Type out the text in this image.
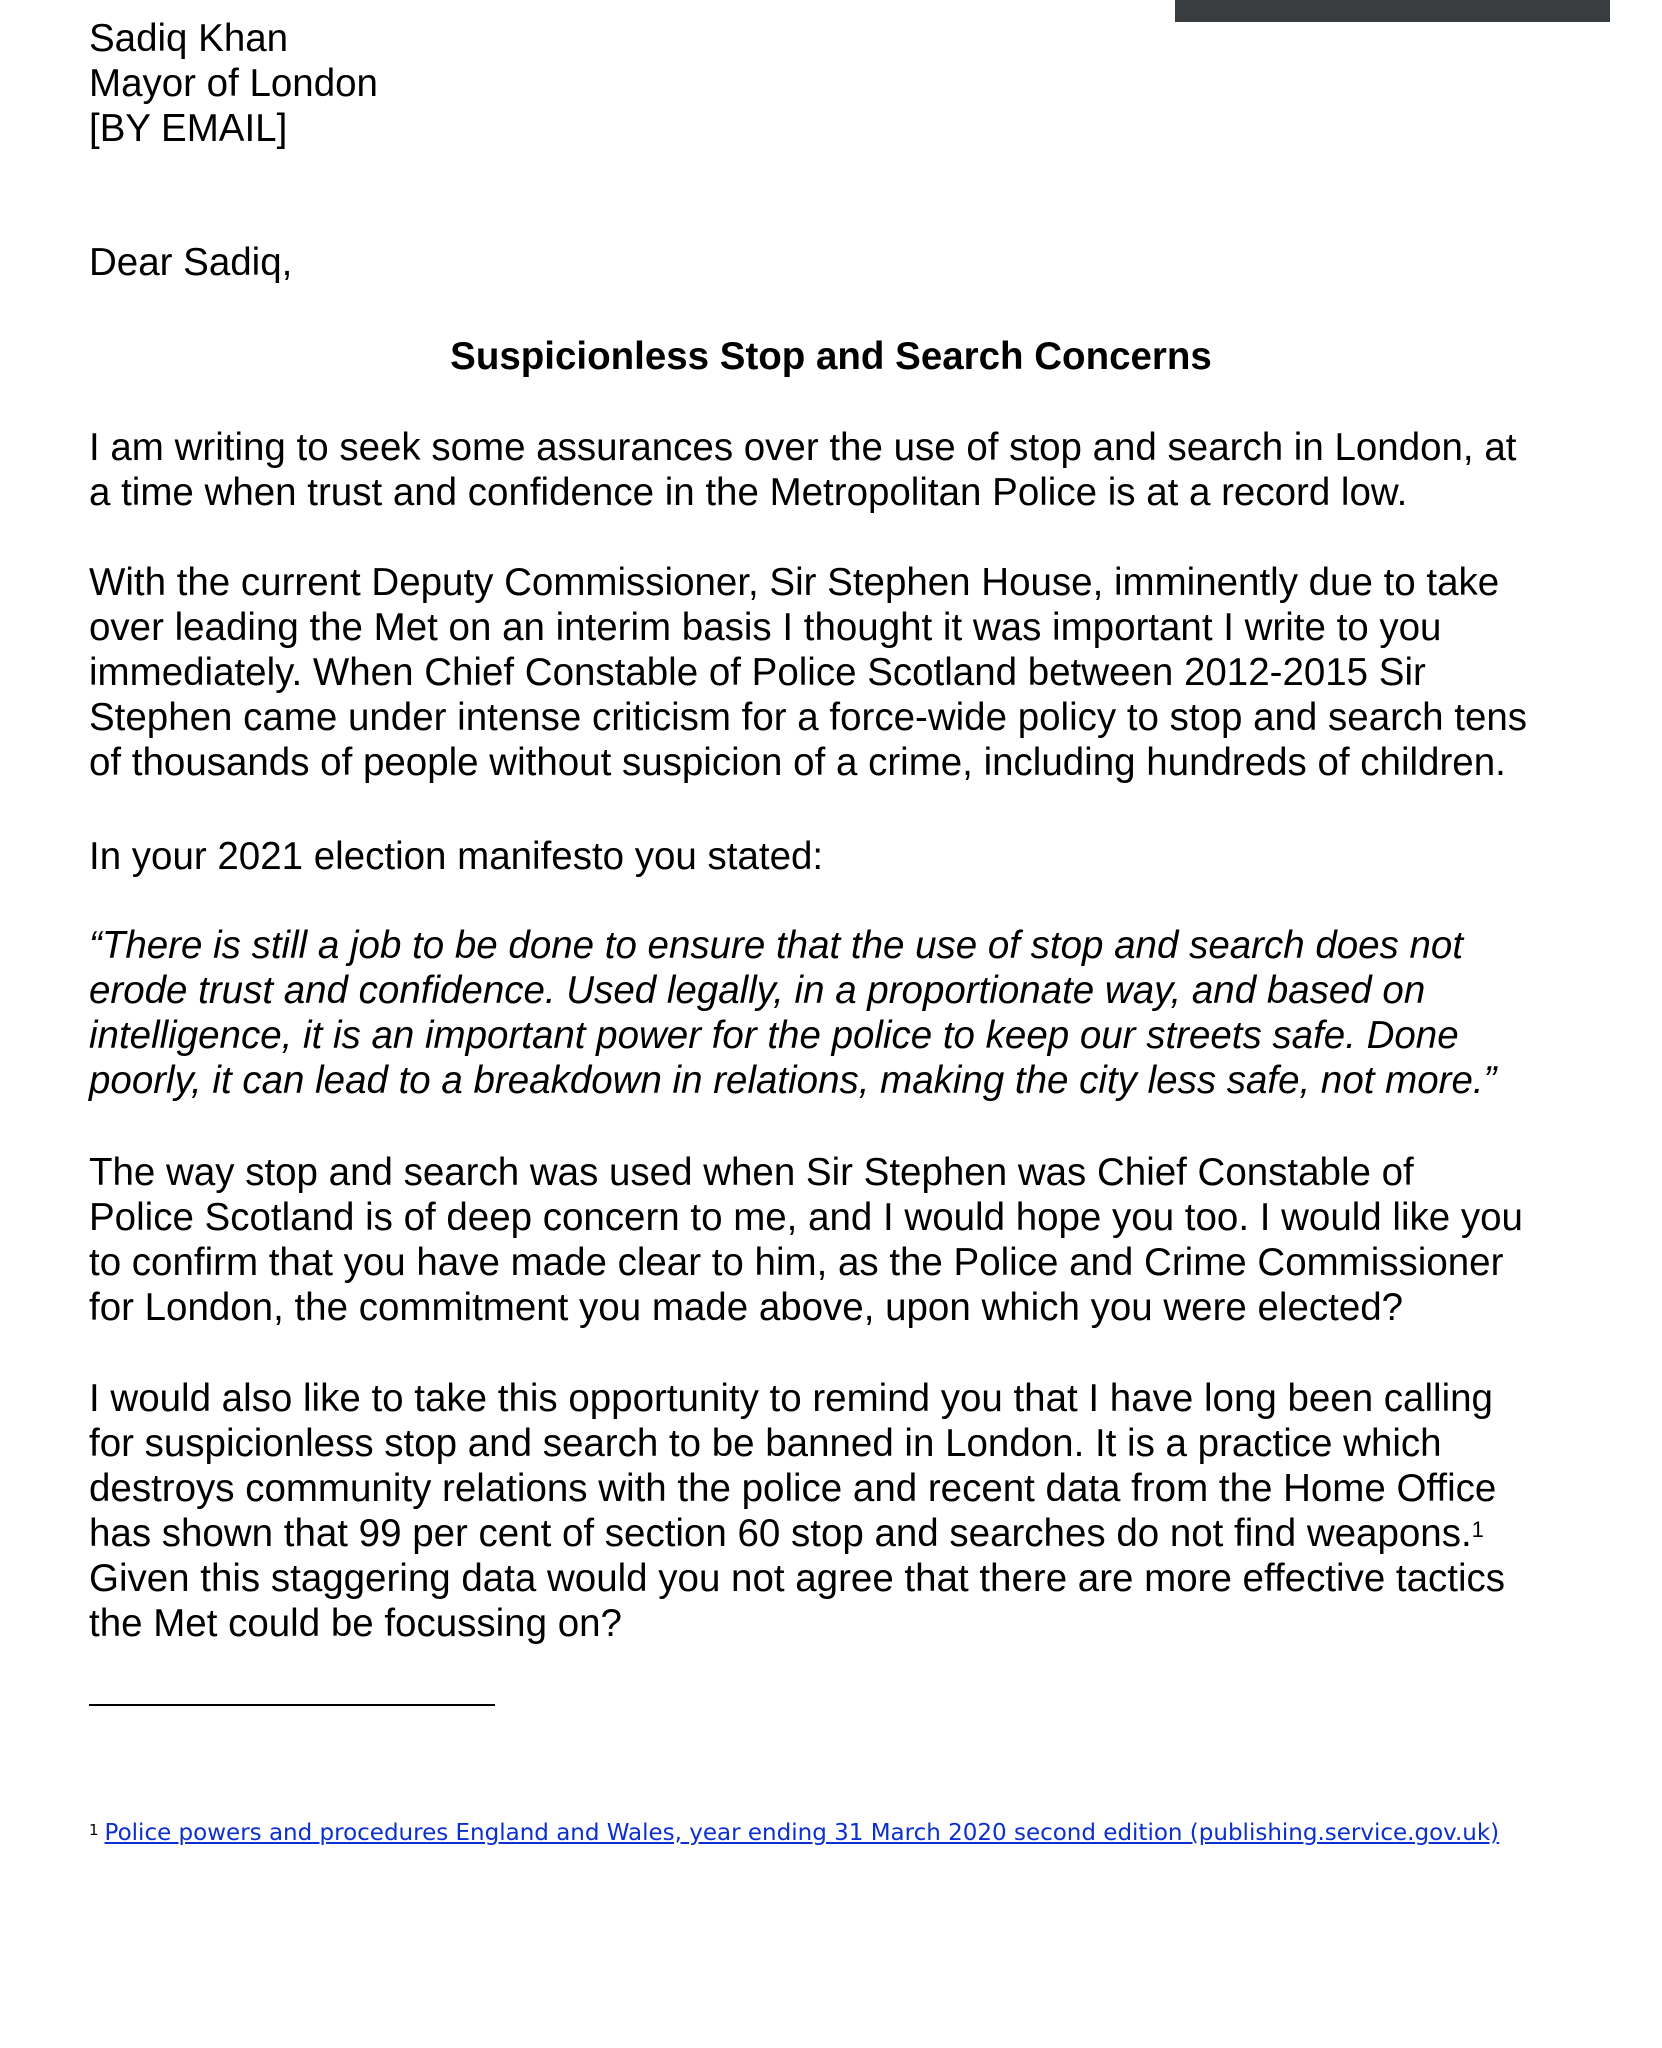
Sadiq Khan

Mayor of London

[BY EMAIL]

Dear Sadiq,

Suspicionless Stop and Search Concerns

I am writing to seek some assurances over the use of stop and search in London, at
a time when trust and confidence in the Metropolitan Police is at a record low.
With the current Deputy Commissioner, Sir Stephen House, imminently due to take
over leading the Met on an interim basis I thought it was important I write to you
immediately. When Chief Constable of Police Scotland between 2012-2015 Sir
Stephen came under intense criticism for a force-wide policy to stop and search tens
of thousands of people without suspicion of a crime, including hundreds of children.
In your 2021 election manifesto you stated:
“There is still a job to be done to ensure that the use of stop and search does not
erode trust and confidence. Used legally, in a proportionate way, and based on
intelligence, it is an important power for the police to keep our streets safe. Done
poorly, it can lead to a breakdown in relations, making the city less safe, not more.”
The way stop and search was used when Sir Stephen was Chief Constable of
Police Scotland is of deep concern to me, and I would hope you too. I would like you
to confirm that you have made clear to him, as the Police and Crime Commissioner
for London, the commitment you made above, upon which you were elected?
I would also like to take this opportunity to remind you that I have long been calling
for suspicionless stop and search to be banned in London. It is a practice which
destroys community relations with the police and recent data from the Home Office
has shown that 99 per cent of section 60 stop and searches do not find weapons.$^1$
Given this staggering data would you not agree that there are more effective tactics
the Met could be focussing on?
$^1$ Police powers and procedures England and Wales, year ending 31 March 2020 second edition (publishing.service.gov.uk)
